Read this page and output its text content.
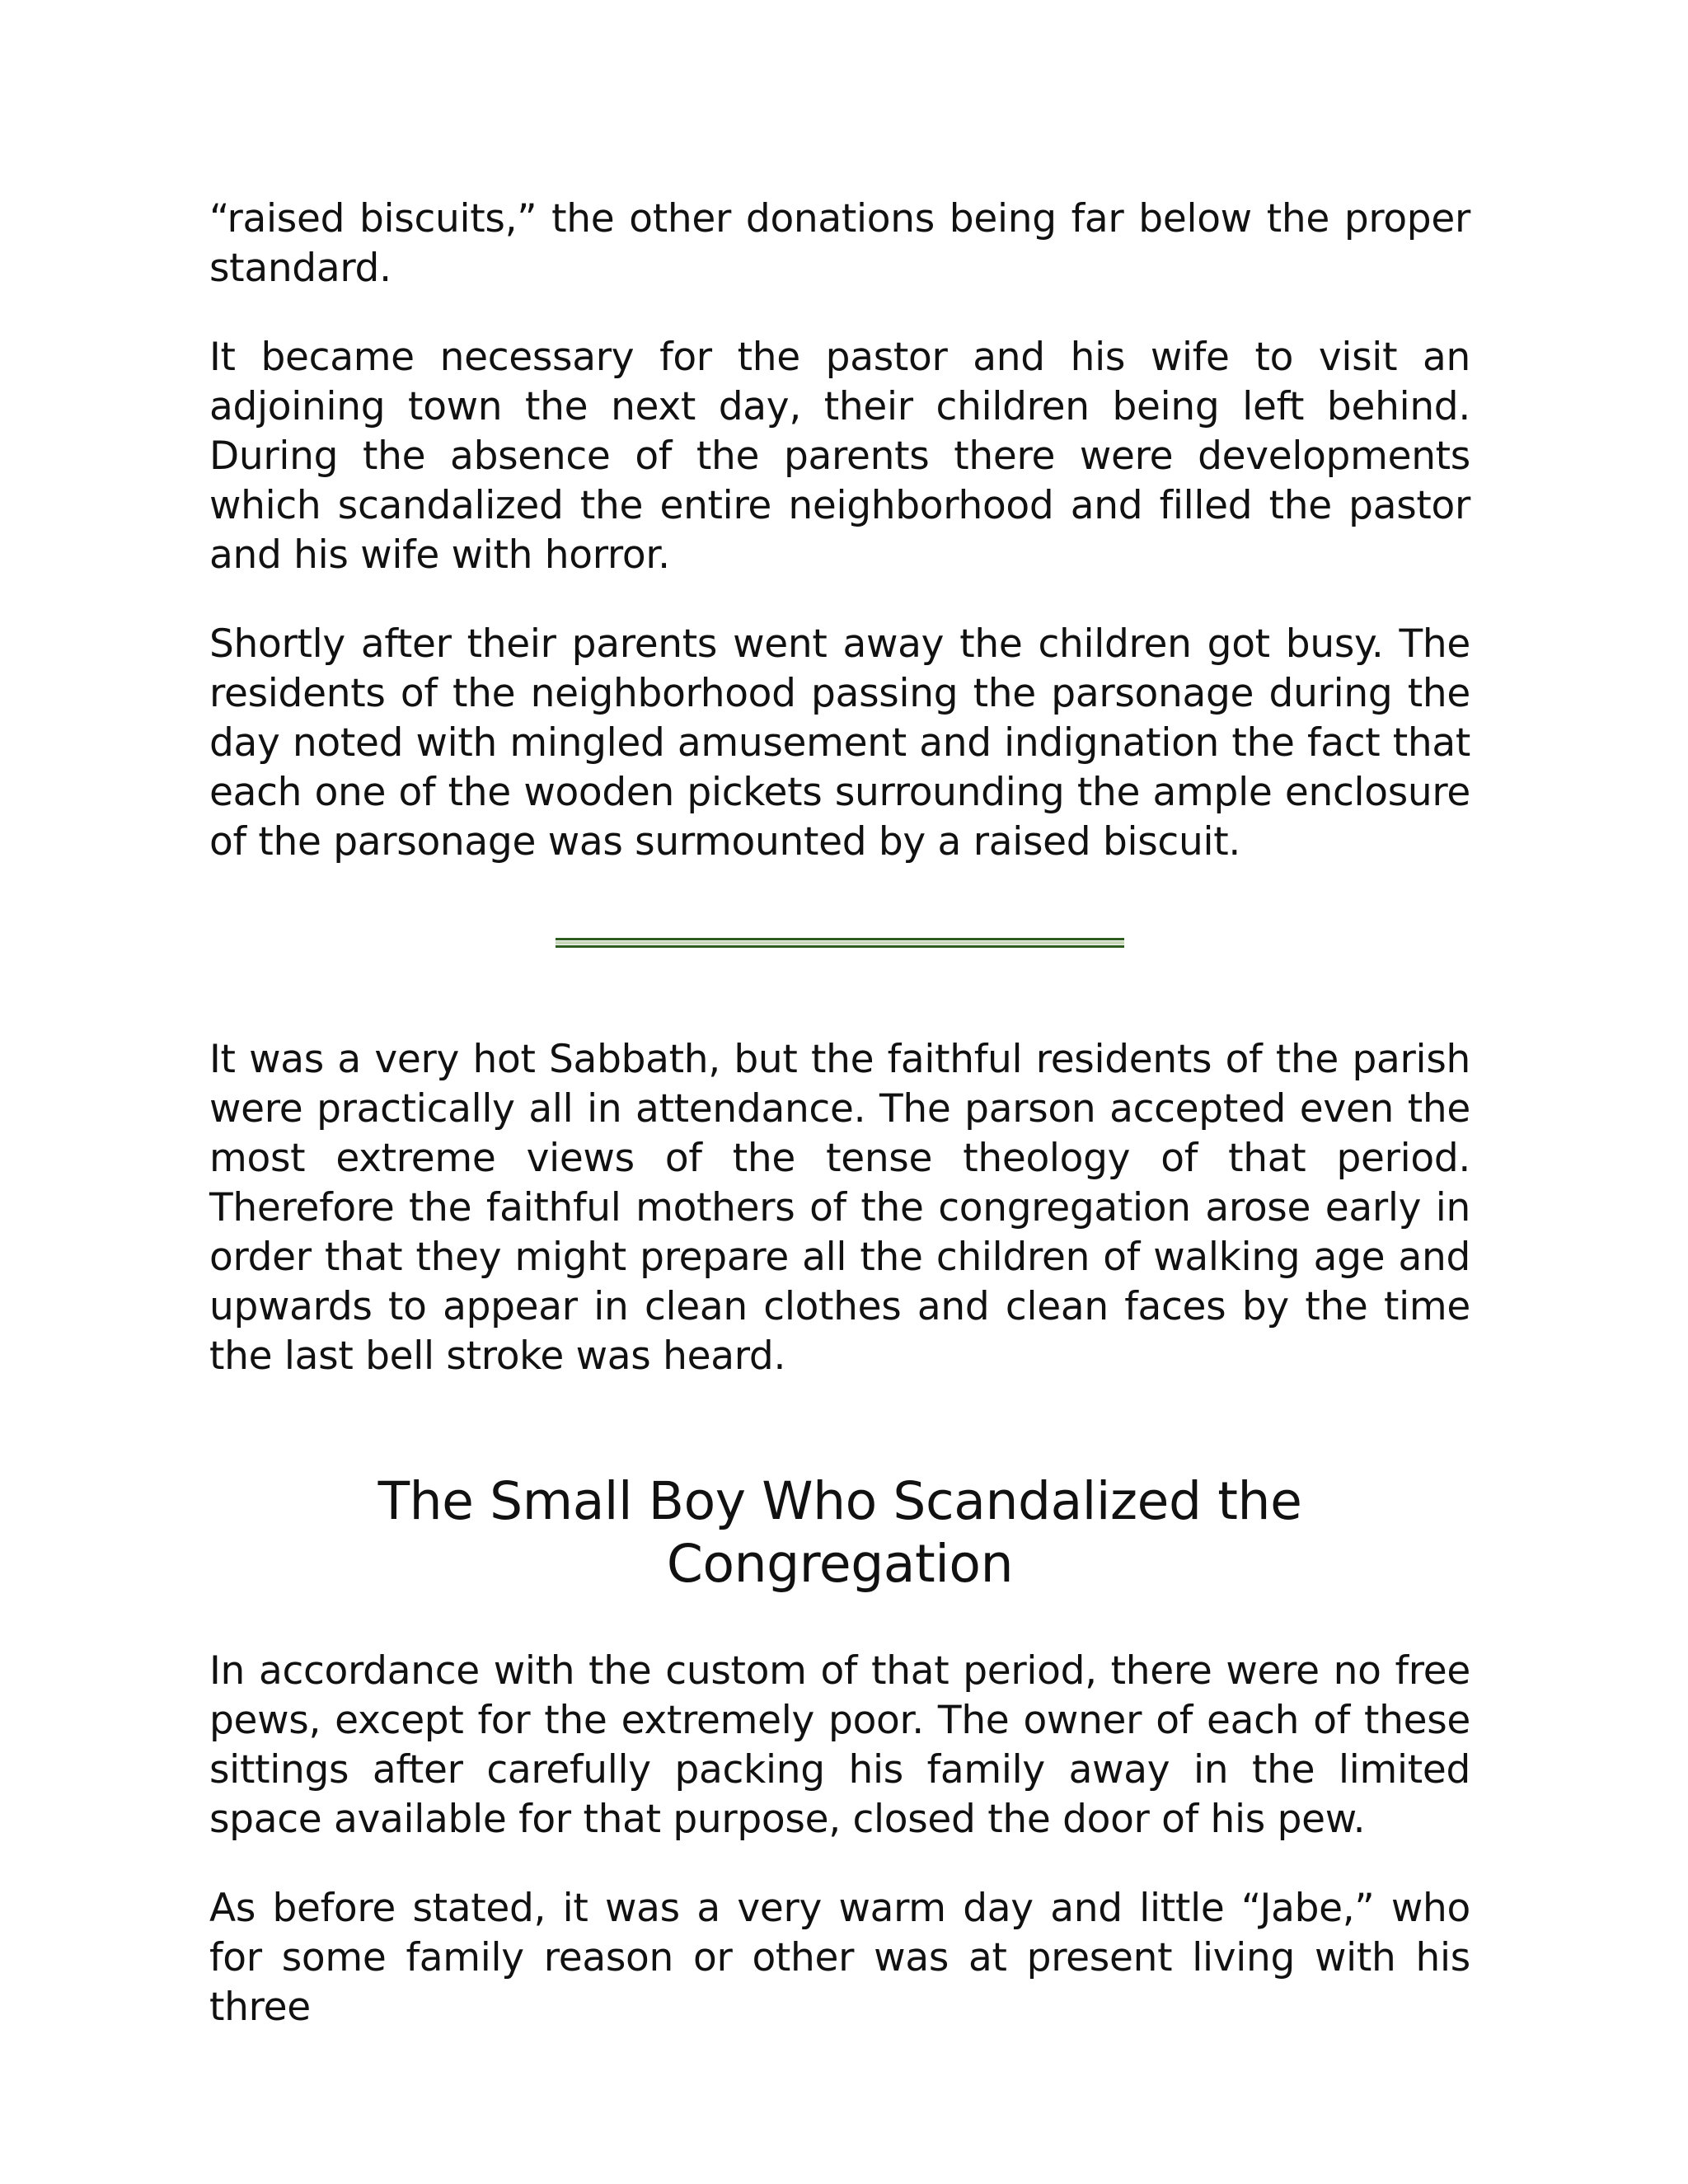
“raised biscuits,” the other donations being far below the proper standard.

It became necessary for the pastor and his wife to visit an adjoining town the next day, their children being left behind. During the absence of the parents there were developments which scandalized the entire neighborhood and filled the pastor and his wife with horror.

Shortly after their parents went away the children got busy. The residents of the neighborhood passing the parsonage during the day noted with mingled amusement and indignation the fact that each one of the wooden pickets surrounding the ample enclosure of the parsonage was surmounted by a raised biscuit.

It was a very hot Sabbath, but the faithful residents of the parish were practically all in attendance. The parson accepted even the most extreme views of the tense theology of that period. Therefore the faithful mothers of the congregation arose early in order that they might prepare all the children of walking age and upwards to appear in clean clothes and clean faces by the time the last bell stroke was heard.

The Small Boy Who Scandalized the Congregation

In accordance with the custom of that period, there were no free pews, except for the extremely poor. The owner of each of these sittings after carefully packing his family away in the limited space available for that purpose, closed the door of his pew.

As before stated, it was a very warm day and little “Jabe,” who for some family reason or other was at present living with his three
